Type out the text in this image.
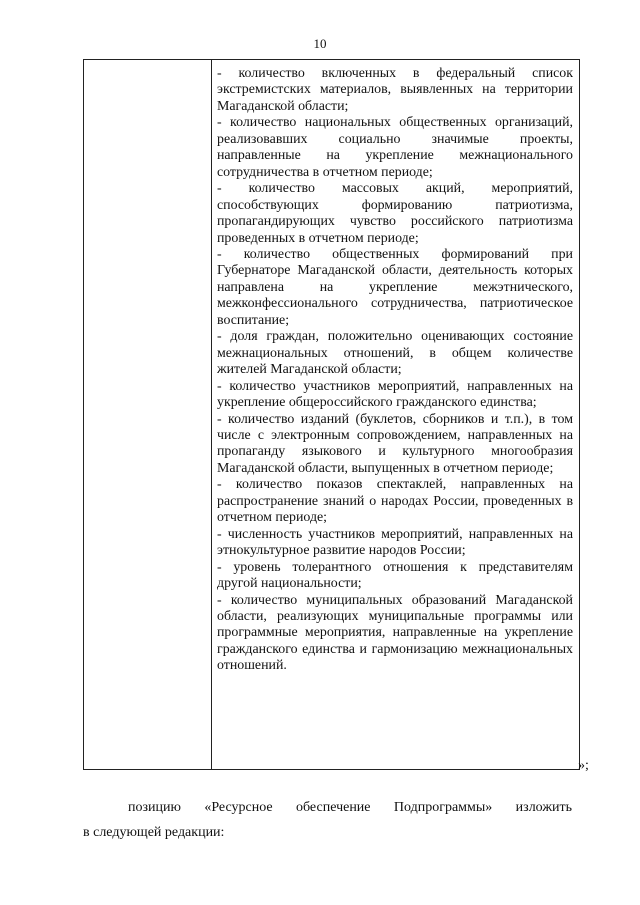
10

- количество включенных в федеральный список экстремистских материалов, выявленных на территории Магаданской области;

- количество национальных общественных организаций, реализовавших социально значимые проекты, направленные на укрепление межнационального сотрудничества в отчетном периоде;

- количество массовых акций, мероприятий, способствующих формированию патриотизма, пропагандирующих чувство российского патриотизма проведенных в отчетном периоде;

- количество общественных формирований при Губернаторе Магаданской области, деятельность которых направлена на укрепление межэтнического, межконфессионального сотрудничества, патриотическое воспитание;

- доля граждан, положительно оценивающих состояние межнациональных отношений, в общем количестве жителей Магаданской области;

- количество участников мероприятий, направленных на укрепление общероссийского гражданского единства;

- количество изданий (буклетов, сборников и т.п.), в том числе с электронным сопровождением, направленных на пропаганду языкового и культурного многообразия Магаданской области, выпущенных в отчетном периоде;

- количество показов спектаклей, направленных на распространение знаний о народах России, проведенных в отчетном периоде;

- численность участников мероприятий, направленных на этнокультурное развитие народов России;

- уровень толерантного отношения к представителям другой национальности;

- количество муниципальных образований Магаданской области, реализующих муниципальные программы или программные мероприятия, направленные на укрепление гражданского единства и гармонизацию межнациональных отношений.

»;
позицию «Ресурсное обеспечение Подпрограммы» изложить
в следующей редакции:
